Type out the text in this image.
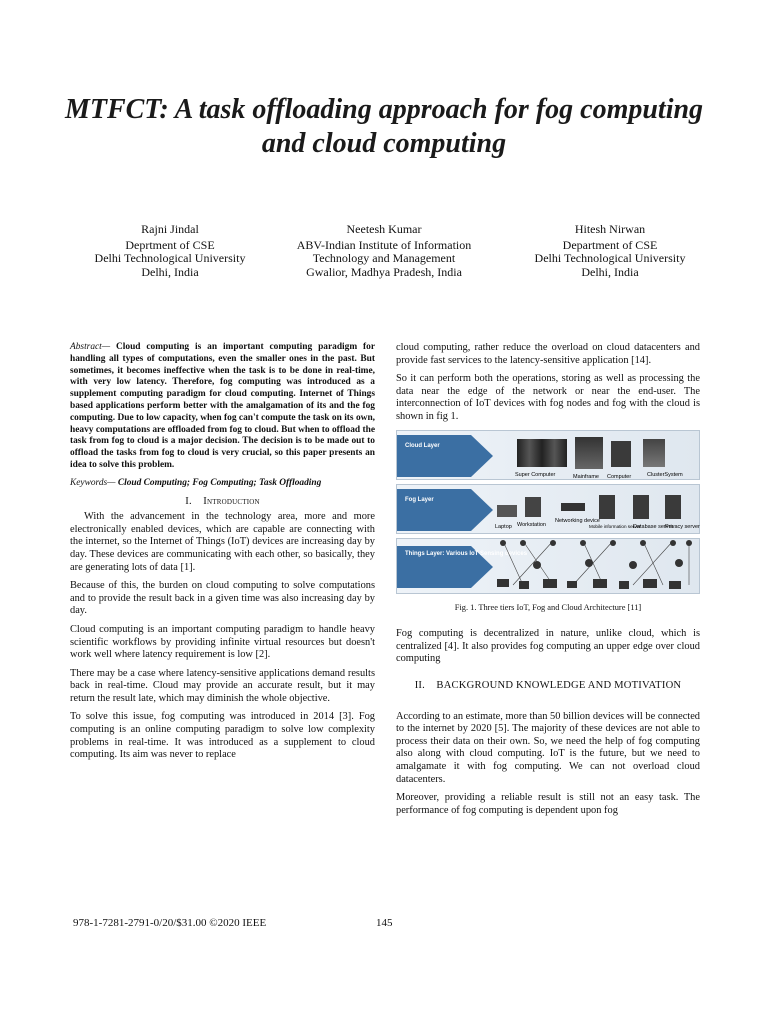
MTFCT: A task offloading approach for fog computing and cloud computing
Rajni Jindal
Deprtment of CSE
Delhi Technological University
Delhi, India
Neetesh Kumar
ABV-Indian Institute of Information
Technology and Management
Gwalior, Madhya Pradesh, India
Hitesh Nirwan
Department of CSE
Delhi Technological University
Delhi, India

Abstract— Cloud computing is an important computing paradigm for handling all types of computations, even the smaller ones in the past. But sometimes, it becomes ineffective when the task is to be done in real-time, with very low latency. Therefore, fog computing was introduced as a supplement computing paradigm for cloud computing. Internet of Things based applications perform better with the amalgamation of its and the fog computing. Due to low capacity, when fog can't compute the task on its own, heavy computations are offloaded from fog to cloud. But when to offload the task from fog to cloud is a major decision. The decision is to be made out to offload the tasks from fog to cloud is very crucial, so this paper presents an idea to solve this problem.

Keywords— Cloud Computing; Fog Computing; Task Offloading

I. Introduction

With the advancement in the technology area, more and more electronically enabled devices, which are capable are connecting with the internet, so the Internet of Things (IoT) devices are increasing day by day. These devices are communicating with each other, so basically, they are generating lots of data [1].

Because of this, the burden on cloud computing to solve computations and to provide the result back in a given time was also increasing day by day.

Cloud computing is an important computing paradigm to handle heavy scientific workflows by providing infinite virtual resources but doesn't work well where latency requirement is low [2].

There may be a case where latency-sensitive applications demand results back in real-time. Cloud may provide an accurate result, but it may return the result late, which may diminish the whole objective.

To solve this issue, fog computing was introduced in 2014 [3]. Fog computing is an online computing paradigm to solve low complexity problems in real-time. It was introduced as a supplement to cloud computing. Its aim was never to replace

cloud computing, rather reduce the overload on cloud datacenters and provide fast services to the latency-sensitive application [14].

So it can perform both the operations, storing as well as processing the data near the edge of the network or near the end-user. The interconnection of IoT devices with fog nodes and fog with the cloud is shown in fig 1.

Cloud Layer
Super Computer	Mainframe Computer	ClusterSystem
Fog Layer
Laptop Workstation
Networking device
Mobile information server
Database server
Privacy server
Things Layer: Various IoT Sensing devices
Fig. 1. Three tiers IoT, Fog and Cloud Architecture [11]

Fog computing is decentralized in nature, unlike cloud, which is centralized [4]. It also provides fog computing an upper edge over cloud computing

II. BACKGROUND KNOWLEDGE AND MOTIVATION

According to an estimate, more than 50 billion devices will be connected to the internet by 2020 [5]. The majority of these devices are not able to process their data on their own. So, we need the help of fog computing also along with cloud computing. IoT is the future, but we need to amalgamate it with fog computing. We can not overload cloud datacenters.

Moreover, providing a reliable result is still not an easy task. The performance of fog computing is dependent upon fog

978-1-7281-2791-0/20/$31.00 ©2020 IEEE	145
